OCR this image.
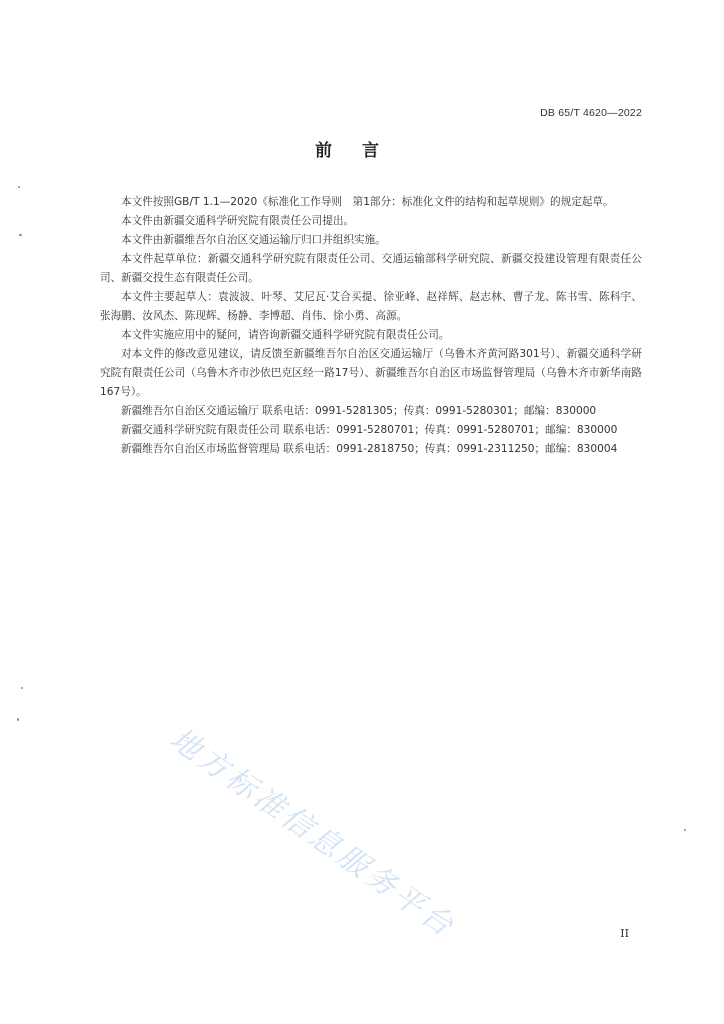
DB 65/T 4620—2022
前言

本文件按照GB/T 1.1—2020《标准化工作导则　第1部分：标准化文件的结构和起草规则》的规定起草。

本文件由新疆交通科学研究院有限责任公司提出。

本文件由新疆维吾尔自治区交通运输厅归口并组织实施。

本文件起草单位：新疆交通科学研究院有限责任公司、交通运输部科学研究院、新疆交投建设管理有限责任公司、新疆交投生态有限责任公司。

本文件主要起草人：袁波波、叶琴、艾尼瓦·艾合买提、徐亚峰、赵祥辉、赵志林、曹子龙、陈书雪、陈科宇、张海鹏、汝风杰、陈现辉、杨静、李博超、肖伟、徐小勇、高源。

本文件实施应用中的疑问，请咨询新疆交通科学研究院有限责任公司。

对本文件的修改意见建议，请反馈至新疆维吾尔自治区交通运输厅（乌鲁木齐黄河路301号）、新疆交通科学研究院有限责任公司（乌鲁木齐市沙依巴克区经一路17号）、新疆维吾尔自治区市场监督管理局（乌鲁木齐市新华南路167号）。

新疆维吾尔自治区交通运输厅 联系电话：0991-5281305；传真：0991-5280301；邮编：830000

新疆交通科学研究院有限责任公司 联系电话：0991-5280701；传真：0991-5280701；邮编：830000

新疆维吾尔自治区市场监督管理局 联系电话：0991-2818750；传真：0991-2311250；邮编：830004

地方标准信息服务平台	II
